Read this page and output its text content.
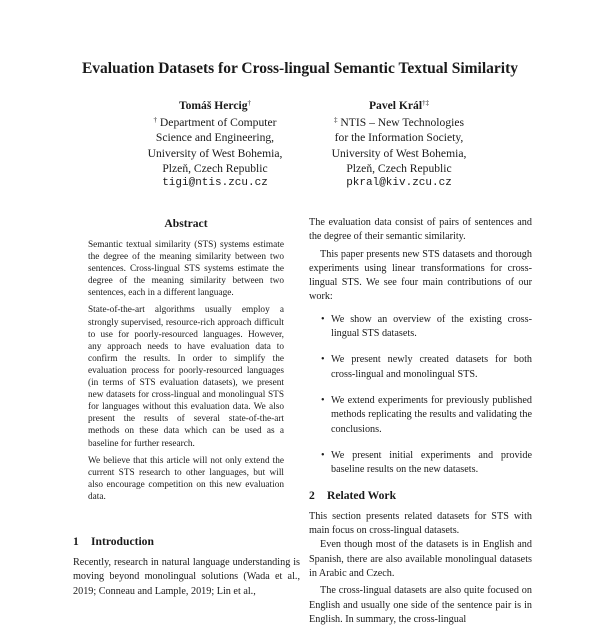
Evaluation Datasets for Cross-lingual Semantic Textual Similarity
Tomáš Hercig†
† Department of Computer
Science and Engineering,
University of West Bohemia,
Plzeň, Czech Republic
tigi@ntis.zcu.cz
Pavel Král†‡
‡ NTIS – New Technologies
for the Information Society,
University of West Bohemia,
Plzeň, Czech Republic
pkral@kiv.zcu.cz
Abstract

Semantic textual similarity (STS) systems estimate the degree of the meaning similarity between two sentences. Cross-lingual STS systems estimate the degree of the meaning similarity between two sentences, each in a different language.

State-of-the-art algorithms usually employ a strongly supervised, resource-rich approach difficult to use for poorly-resourced languages. However, any approach needs to have evaluation data to confirm the results. In order to simplify the evaluation process for poorly-resourced languages (in terms of STS evaluation datasets), we present new datasets for cross-lingual and monolingual STS for languages without this evaluation data. We also present the results of several state-of-the-art methods on these data which can be used as a baseline for further research.

We believe that this article will not only extend the current STS research to other languages, but will also encourage competition on this new evaluation data.

1 Introduction

Recently, research in natural language understanding is moving beyond monolingual solutions (Wada et al., 2019; Conneau and Lample, 2019; Lin et al.,

The evaluation data consist of pairs of sentences and the degree of their semantic similarity.

This paper presents new STS datasets and thorough experiments using linear transformations for cross-lingual STS. We see four main contributions of our work:

• We show an overview of the existing cross-lingual STS datasets.
• We present newly created datasets for both cross-lingual and monolingual STS.
• We extend experiments for previously published methods replicating the results and validating the conclusions.
• We present initial experiments and provide baseline results on the new datasets.
2 Related Work

This section presents related datasets for STS with main focus on cross-lingual datasets.

Even though most of the datasets is in English and Spanish, there are also available monolingual datasets in Arabic and Czech.

The cross-lingual datasets are also quite focused on English and usually one side of the sentence pair is in English. In summary, the cross-lingual
